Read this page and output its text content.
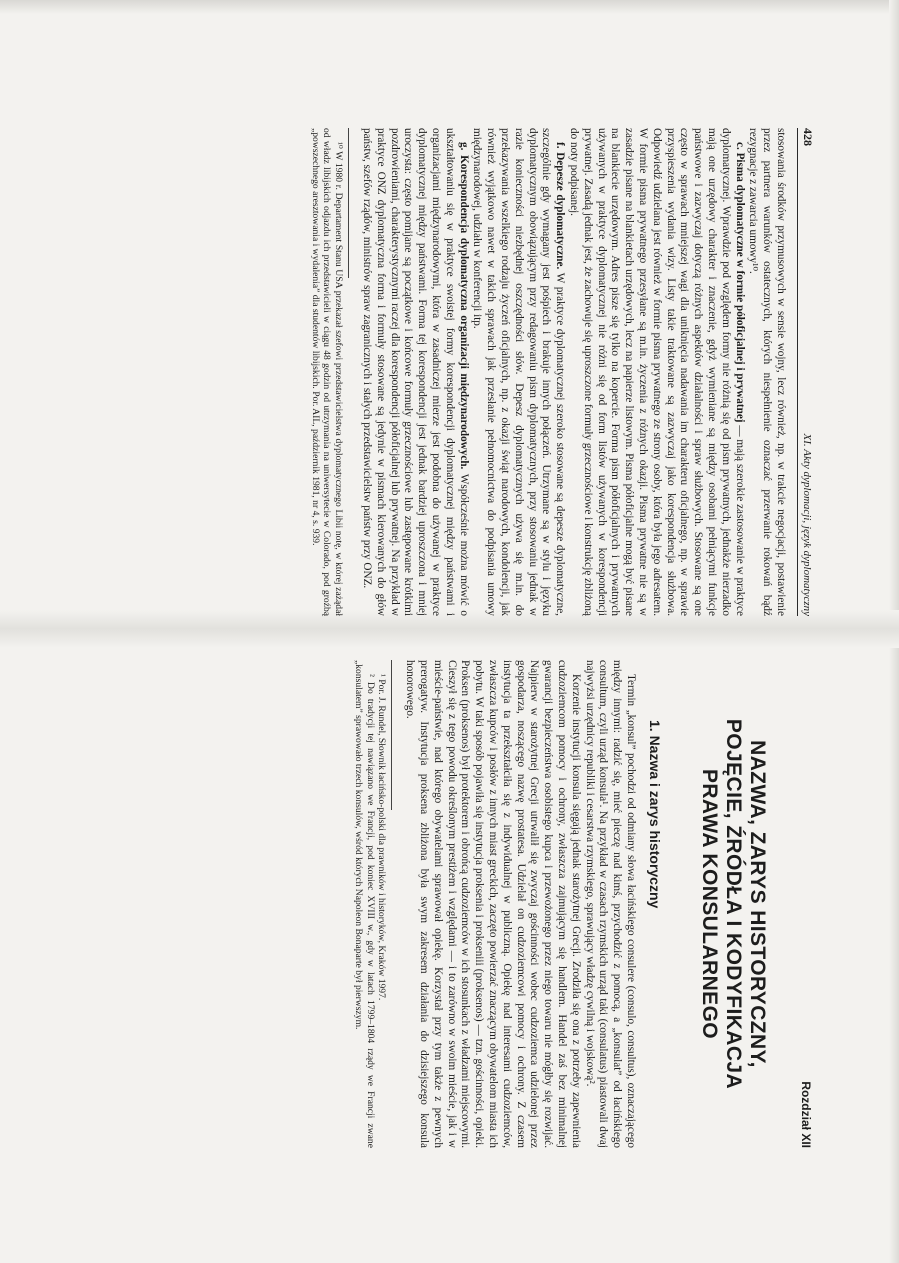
428
XI. Akty dyplomacji, język dyplomatyczny

stosowania środków przymusowych w sensie wojny, lecz również, np. w trakcie negocjacji, postawienie przez partnera warunków ostatecznych, których niespełnienie oznaczać przerwanie rokowań bądź rezygnacje z zawarcia umowy¹⁰.

c. Pisma dyplomatyczne w formie półoficjalnej i prywatnej — mają szerokie zastosowanie w praktyce dyplomatycznej. Wprawdzie pod względem formy nie różnią się od pism prywatnych, jednakże nierzadko mają one urzędowy charakter i znaczenie, gdyż wymieniane są między osobami pełniącymi funkcje państwowe i zazwyczaj dotyczą różnych aspektów działalności i spraw służbowych. Stosowane są one często w sprawach mniejszej wagi dla uniknięcia nadawania im charakteru oficjalnego, np. w sprawie przyspieszenia wydania wizy. Listy takie traktowane są zazwyczaj jako korespondencja służbowa. Odpowiedź udzielana jest również w formie pisma prywatnego ze strony osoby, która była jego adresatem. W formie pisma prywatnego przesyłane są m.in. życzenia z różnych okazji. Pisma prywatne nie są w zasadzie pisane na blankietach urzędowych, lecz na papierze listowym. Pisma półoficjalne mogą być pisane na blankiecie urzędowym. Adres pisze się tylko na kopercie. Forma pism półoficjalnych i prywatnych używanych w praktyce dyplomatycznej nie różni się od form listów używanych w korespondencji prywatnej. Zasadą jednak jest, że zachowuje się uproszczone formuły grzecznościowe i konstrukcję zbliżoną do noty podpisanej.

f. Depesze dyplomatyczne. W praktyce dyplomatycznej szeroko stosowane są depesze dyplomatyczne, szczególnie gdy wymagany jest pośpiech i brakuje innych połączeń. Utrzymane są w stylu i języku dyplomatycznym obowiązującym przy redagowaniu pism dyplomatycznych, przy stosowaniu jednak w razie konieczności niezbędnej oszczędności słów. Depesz dyplomatycznych używa się m.in. do przekazywania wszelkiego rodzaju życzeń oficjalnych, np. z okazji świąt narodowych, kondolencji, jak również wyjątkowo nawet w takich sprawach jak przesłanie pełnomocnictwa do podpisania umowy międzynarodowej, udziału w konferencji itp.

g. Korespondencja dyplomatyczna organizacji międzynarodowych. Współcześnie można mówić o ukształtowaniu się w praktyce swoistej formy korespondencji dyplomatycznej między państwami i organizacjami międzynarodowymi, która w zasadniczej mierze jest podobna do używanej w praktyce dyplomatycznej między państwami. Forma tej korespondencji jest jednak bardziej uproszczona i mniej uroczysta: często pomijane są początkowe i końcowe formuły grzecznościowe lub zastępowane krótkimi pozdrowieniami, charakterystycznymi raczej dla korespondencji półoficjalnej lub prywatnej. Na przykład w praktyce ONZ dyplomatyczna forma i formuły stosowane są jedynie w pismach kierowanych do głów państw, szefów rządów, ministrów spraw zagranicznych i stałych przedstawicielstw państw przy ONZ.

¹⁰ W 1980 r. Departament Stanu USA przekazał szefowi przedstawicielstwa dyplomatycznego Libii notę, w której zażądał od władz libijskich odjazdu ich przedstawicieli w ciągu 48 godzin od utrzymania na uniwersytecie w Colorado, pod groźbą „powszechnego aresztowania i wydalenia” dla studentów libijskich. Por. AIL, październik 1981, nr 4, s. 939.

Rozdział XII
NAZWA, ZARYS HISTORYCZNY,
POJĘCIE, ŹRÓDŁA I KODYFIKACJA
PRAWA KONSULARNEGO
1. Nazwa i zarys historyczny

Termin „konsul” pochodzi od odmiany słowa łacińskiego consulere (consulo, consultus), oznaczającego między innymi: radzić się, mieć pieczę nad kimś, przychodzić z pomocą, a „konsulat” od łacińskiego consultum, czyli urząd konsula¹. Na przykład w czasach rzymskich urząd taki (consulatus) piastowali dwaj najwyżsi urzędnicy republiki i cesarstwa rzymskiego, sprawujący władzę cywilną i wojskową².

Korzenie instytucji konsula sięgają jednak starożytnej Grecji. Zrodziła się ona z potrzeby zapewnienia cudzoziemcom pomocy i ochrony, zwłaszcza zajmującym się handlem. Handel zaś bez minimalnej gwarancji bezpieczeństwa osobistego kupca i przewożonego przez niego towaru nie mógłby się rozwijać. Najpierw w starożytnej Grecji utrwalił się zwyczaj gościnności wobec cudzoziemca udzielonej przez gospodarza, noszącego nazwę prostatesa. Udzielał on cudzoziemcowi pomocy i ochrony. Z czasem instytucja ta przekształciła się z indywidualnej w publiczną. Opiekę nad interesami cudzoziemców, zwłaszcza kupców i posłów z innych miast greckich, zaczęto powierzać znaczącym obywatelom miasta ich pobytu. W taki sposób pojawiła się instytucja proksenia i prokseniii (proksenos) — tzn. gościnności, opieki. Proksen (proksenos) był protektorem i obrońcą cudzoziemców w ich stosunkach z władzami miejscowymi. Cieszył się z tego powodu określonym prestiżem i względami — i to zarówno w swoim mieście, jak i w mieście-państwie, nad którego obywatelami sprawował opiekę. Korzystał przy tym także z pewnych prerogatyw. Instytucja proksena zbliżona była swym zakresem działania do dzisiejszego konsula honorowego.

¹ Por. J. Rundel, Słownik łacińsko-polski dla prawników i historyków, Kraków 1997.

² Do tradycji tej nawiązano we Francji, pod koniec XVIII w., gdy w latach 1799–1804 rządy we Francji zwane „konsulatem” sprawowało trzech konsulów, wśród których Napoleon Bonaparte był pierwszym.
